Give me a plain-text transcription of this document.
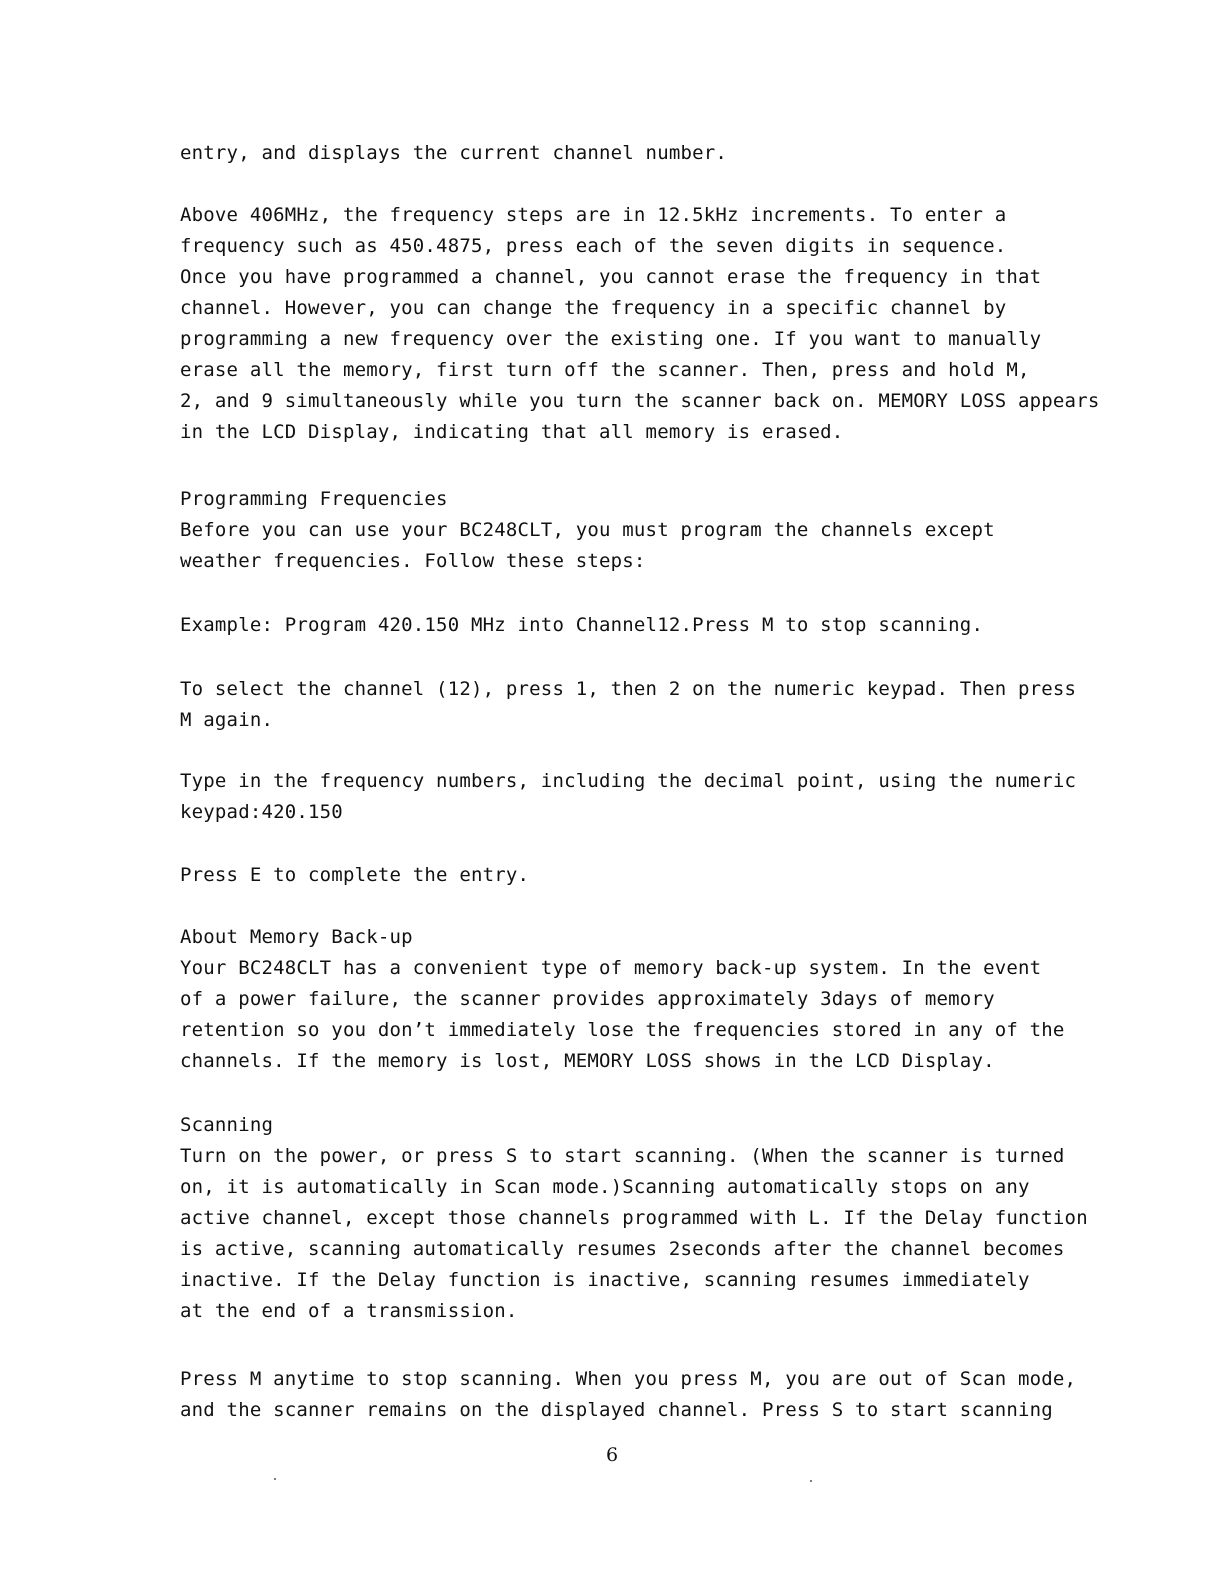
entry, and displays the current channel number.
Above 406MHz, the frequency steps are in 12.5kHz increments. To enter a
frequency such as 450.4875, press each of the seven digits in sequence.
Once you have programmed a channel, you cannot erase the frequency in that
channel. However, you can change the frequency in a specific channel by
programming a new frequency over the existing one. If you want to manually
erase all the memory, first turn off the scanner. Then, press and hold M,
2, and 9 simultaneously while you turn the scanner back on. MEMORY LOSS appears
in the LCD Display, indicating that all memory is erased.
Programming Frequencies
Before you can use your BC248CLT, you must program the channels except
weather frequencies. Follow these steps:
Example: Program 420.150 MHz into Channel12.Press M to stop scanning.
To select the channel (12), press 1, then 2 on the numeric keypad. Then press
M again.
Type in the frequency numbers, including the decimal point, using the numeric
keypad:420.150
Press E to complete the entry.
About Memory Back-up
Your BC248CLT has a convenient type of memory back-up system. In the event
of a power failure, the scanner provides approximately 3days of memory
retention so you don’t immediately lose the frequencies stored in any of the
channels. If the memory is lost, MEMORY LOSS shows in the LCD Display.
Scanning
Turn on the power, or press S to start scanning. (When the scanner is turned
on, it is automatically in Scan mode.)Scanning automatically stops on any
active channel, except those channels programmed with L. If the Delay function
is active, scanning automatically resumes 2seconds after the channel becomes
inactive. If the Delay function is inactive, scanning resumes immediately
at the end of a transmission.
Press M anytime to stop scanning. When you press M, you are out of Scan mode,
and the scanner remains on the displayed channel. Press S to start scanning
6
